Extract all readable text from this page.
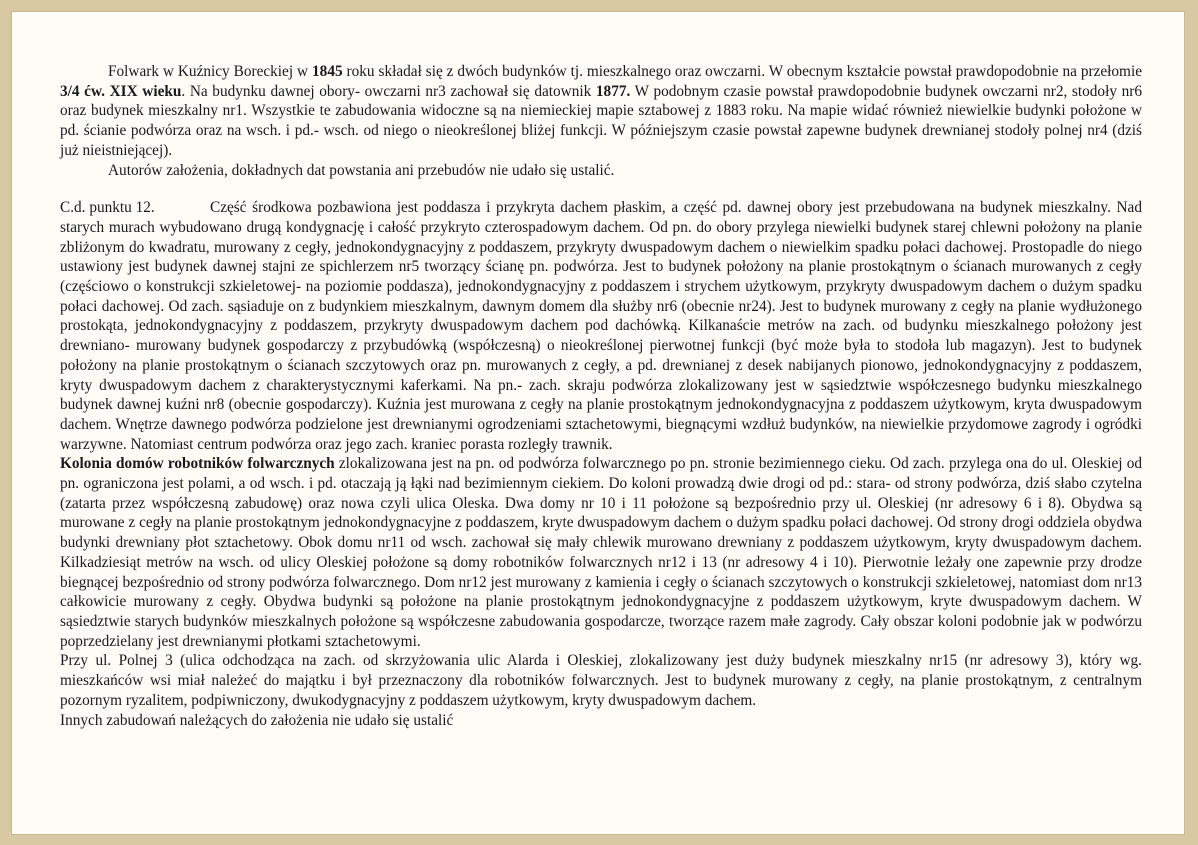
Folwark w Kuźnicy Boreckiej w 1845 roku składał się z dwóch budynków tj. mieszkalnego oraz owczarni. W obecnym kształcie powstał prawdopodobnie na przełomie 3/4 ćw. XIX wieku. Na budynku dawnej obory- owczarni nr3 zachował się datownik 1877. W podobnym czasie powstał prawdopodobnie budynek owczarni nr2, stodoły nr6 oraz budynek mieszkalny nr1. Wszystkie te zabudowania widoczne są na niemieckiej mapie sztabowej z 1883 roku. Na mapie widać również niewielkie budynki położone w pd. ścianie podwórza oraz na wsch. i pd.- wsch. od niego o nieokreślonej bliżej funkcji. W późniejszym czasie powstał zapewne budynek drewnianej stodoły polnej nr4 (dziś już nieistniejącej).

Autorów założenia, dokładnych dat powstania ani przebudów nie udało się ustalić.

C.d. punktu 12.	Część środkowa pozbawiona jest poddasza i przykryta dachem płaskim, a część pd. dawnej obory jest przebudowana na budynek mieszkalny. Nad starych murach wybudowano drugą kondygnację i całość przykryto czterospadowym dachem. Od pn. do obory przylega niewielki budynek starej chlewni położony na planie zbliżonym do kwadratu, murowany z cegły, jednokondygnacyjny z poddaszem, przykryty dwuspadowym dachem o niewielkim spadku połaci dachowej. Prostopadle do niego ustawiony jest budynek dawnej stajni ze spichlerzem nr5 tworzący ścianę pn. podwórza. Jest to budynek położony na planie prostokątnym o ścianach murowanych z cegły (częściowo o konstrukcji szkieletowej- na poziomie poddasza), jednokondygnacyjny z poddaszem i strychem użytkowym, przykryty dwuspadowym dachem o dużym spadku połaci dachowej. Od zach. sąsiaduje on z budynkiem mieszkalnym, dawnym domem dla służby nr6 (obecnie nr24). Jest to budynek murowany z cegły na planie wydłużonego prostokąta, jednokondygnacyjny z poddaszem, przykryty dwuspadowym dachem pod dachówką. Kilkanaście metrów na zach. od budynku mieszkalnego położony jest drewniano- murowany budynek gospodarczy z przybudówką (współczesną) o nieokreślonej pierwotnej funkcji (być może była to stodoła lub magazyn). Jest to budynek położony na planie prostokątnym o ścianach szczytowych oraz pn. murowanych z cegły, a pd. drewnianej z desek nabijanych pionowo, jednokondygnacyjny z poddaszem, kryty dwuspadowym dachem z charakterystycznymi kaferkami. Na pn.- zach. skraju podwórza zlokalizowany jest w sąsiedztwie współczesnego budynku mieszkalnego budynek dawnej kuźni nr8 (obecnie gospodarczy). Kuźnia jest murowana z cegły na planie prostokątnym jednokondygnacyjna z poddaszem użytkowym, kryta dwuspadowym dachem. Wnętrze dawnego podwórza podzielone jest drewnianymi ogrodzeniami sztachetowymi, biegnącymi wzdłuż budynków, na niewielkie przydomowe zagrody i ogródki warzywne. Natomiast centrum podwórza oraz jego zach. kraniec porasta rozległy trawnik.

Kolonia domów robotników folwarcznych zlokalizowana jest na pn. od podwórza folwarcznego po pn. stronie bezimiennego cieku. Od zach. przylega ona do ul. Oleskiej od pn. ograniczona jest polami, a od wsch. i pd. otaczają ją łąki nad bezimiennym ciekiem. Do koloni prowadzą dwie drogi od pd.: stara- od strony podwórza, dziś słabo czytelna (zatarta przez współczesną zabudowę) oraz nowa czyli ulica Oleska. Dwa domy nr 10 i 11 położone są bezpośrednio przy ul. Oleskiej (nr adresowy 6 i 8). Obydwa są murowane z cegły na planie prostokątnym jednokondygnacyjne z poddaszem, kryte dwuspadowym dachem o dużym spadku połaci dachowej. Od strony drogi oddziela obydwa budynki drewniany płot sztachetowy. Obok domu nr11 od wsch. zachował się mały chlewik murowano drewniany z poddaszem użytkowym, kryty dwuspadowym dachem. Kilkadziesiąt metrów na wsch. od ulicy Oleskiej położone są domy robotników folwarcznych nr12 i 13 (nr adresowy 4 i 10). Pierwotnie leżały one zapewnie przy drodze biegnącej bezpośrednio od strony podwórza folwarcznego. Dom nr12 jest murowany z kamienia i cegły o ścianach szczytowych o konstrukcji szkieletowej, natomiast dom nr13 całkowicie murowany z cegły. Obydwa budynki są położone na planie prostokątnym jednokondygnacyjne z poddaszem użytkowym, kryte dwuspadowym dachem. W sąsiedztwie starych budynków mieszkalnych położone są współczesne zabudowania gospodarcze, tworzące razem małe zagrody. Cały obszar koloni podobnie jak w podwórzu poprzedzielany jest drewnianymi płotkami sztachetowymi.

Przy ul. Polnej 3 (ulica odchodząca na zach. od skrzyżowania ulic Alarda i Oleskiej, zlokalizowany jest duży budynek mieszkalny nr15 (nr adresowy 3), który wg. mieszkańców wsi miał należeć do majątku i był przeznaczony dla robotników folwarcznych. Jest to budynek murowany z cegły, na planie prostokątnym, z centralnym pozornym ryzalitem, podpiwniczony, dwukodygnacyjny z poddaszem użytkowym, kryty dwuspadowym dachem.

Innych zabudowań należących do założenia nie udało się ustalić
